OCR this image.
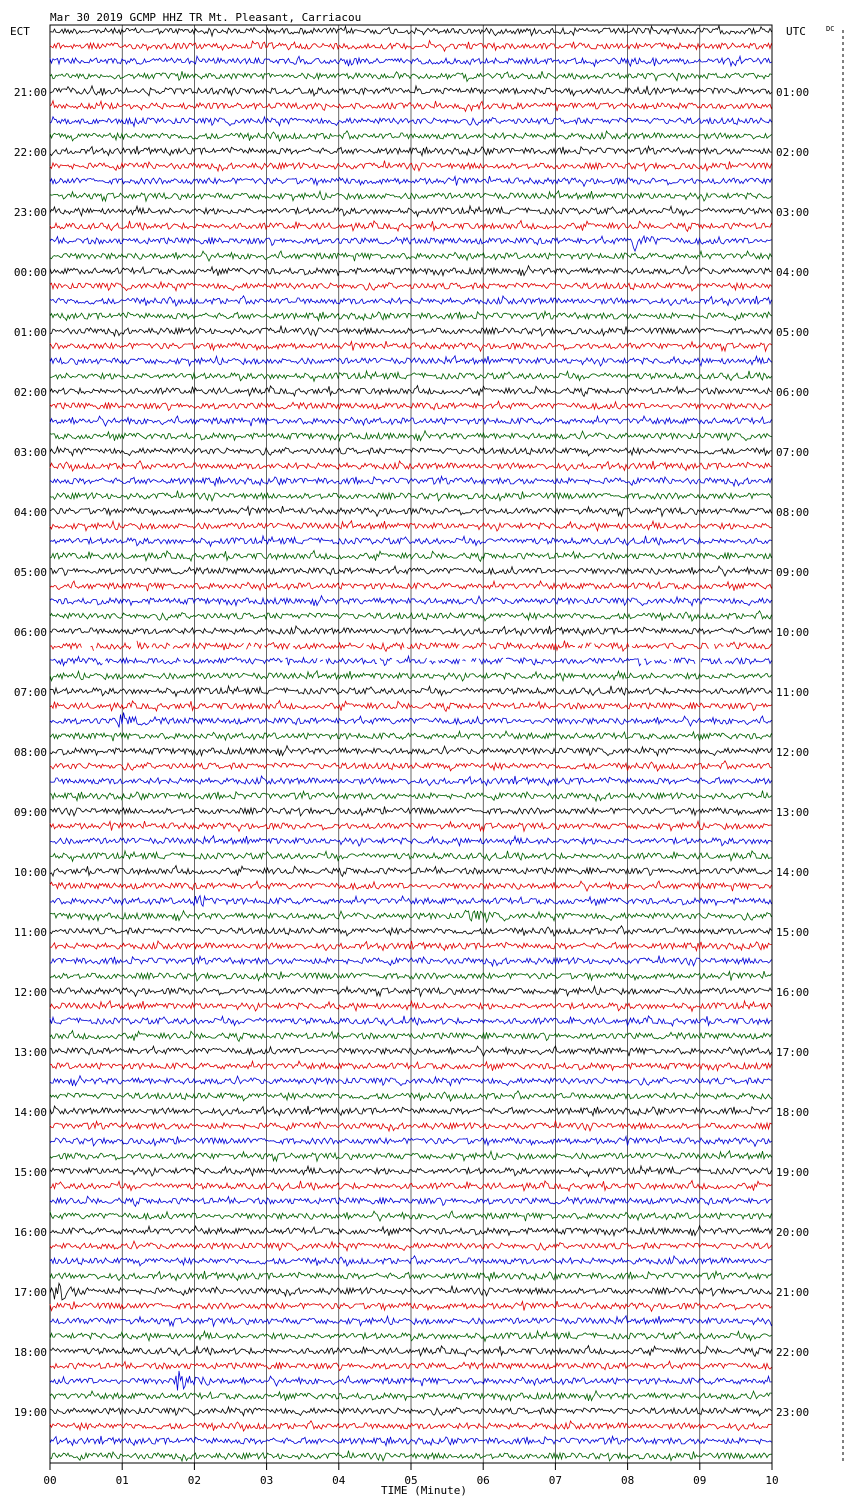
Mar 30 2019 GCMP HHZ TR Mt. Pleasant, Carriacou
ECT	UTC	DC
21:00
22:00
23:00
00:00
01:00
02:00
03:00
04:00
05:00
06:00
07:00
08:00
09:00
10:00
11:00
12:00
13:00
14:00
15:00
16:00
17:00
18:00
19:00
01:00
02:00
03:00
04:00
05:00
06:00
07:00
08:00
09:00
10:00
11:00
12:00
13:00
14:00
15:00
16:00
17:00
18:00
19:00
20:00
21:00
22:00
23:00
00	01	02	03	04	05	06	07	08	09	10
TIME (Minute)
